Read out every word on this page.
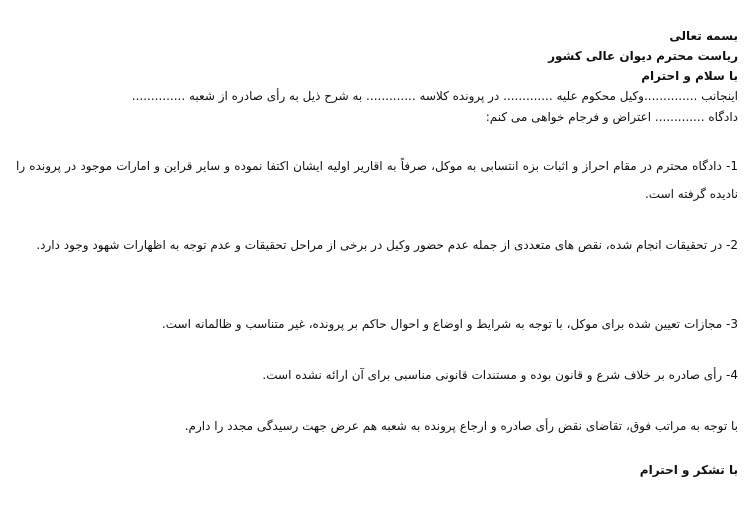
بسمه تعالی
ریاست محترم دیوان عالی کشور
با سلام و احترام
اینجانب ..............وکیل محکوم علیه ............. در پرونده کلاسه ............. به شرح ذیل به رأی صادره از شعبه ..............
دادگاه ............. اعتراض و فرجام خواهی می کنم:
1- دادگاه محترم در مقام احراز و اثبات بزه انتسابی به موکل، صرفاً به اقاریر اولیه ایشان اکتفا نموده و سایر قراین و امارات موجود در پرونده را نادیده گرفته است.
2- در تحقیقات انجام شده، نقص های متعددی از جمله عدم حضور وکیل در برخی از مراحل تحقیقات و عدم توجه به اظهارات شهود وجود دارد.
3- مجازات تعیین شده برای موکل، با توجه به شرایط و اوضاع و احوال حاکم بر پرونده، غیر متناسب و ظالمانه است.
4- رأی صادره بر خلاف شرع و قانون بوده و مستندات قانونی مناسبی برای آن ارائه نشده است.
با توجه به مراتب فوق، تقاضای نقض رأی صادره و ارجاع پرونده به شعبه هم عرض جهت رسیدگی مجدد را دارم.
با تشکر و احترام
